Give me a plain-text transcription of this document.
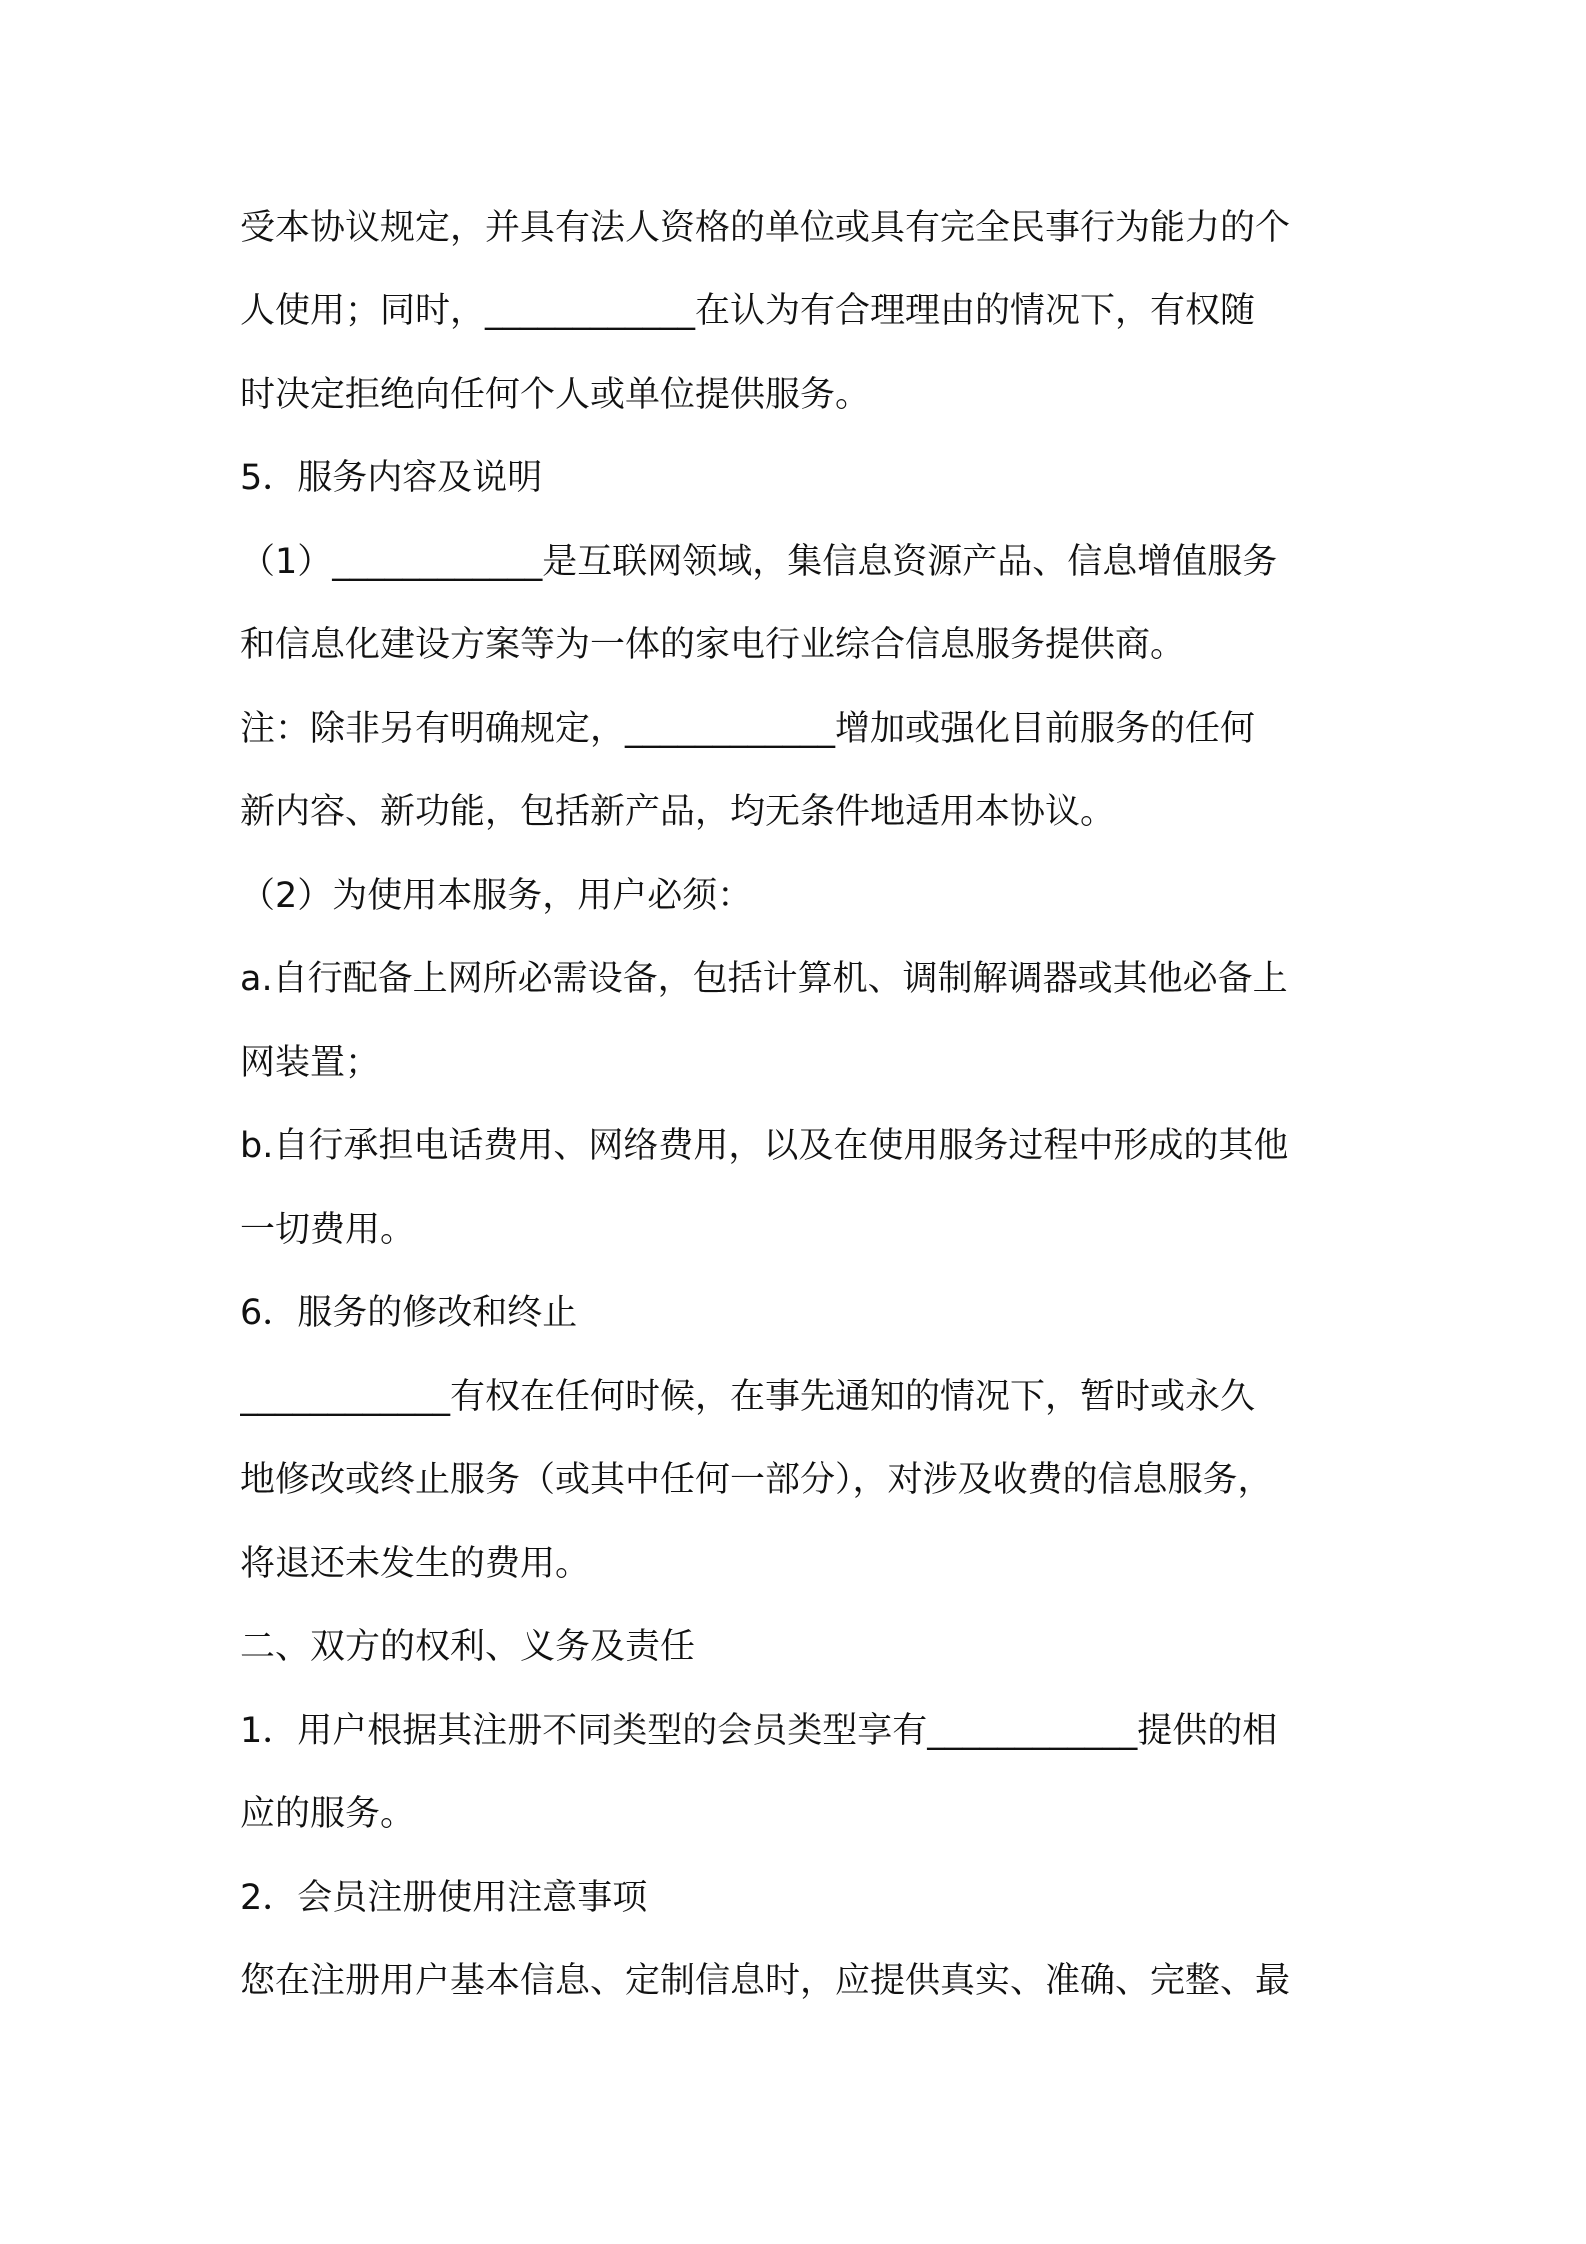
受本协议规定，并具有法人资格的单位或具有完全民事行为能力的个
人使用；同时，____________在认为有合理理由的情况下，有权随
时决定拒绝向任何个人或单位提供服务。
5．服务内容及说明
（1）____________是互联网领域，集信息资源产品、信息增值服务
和信息化建设方案等为一体的家电行业综合信息服务提供商。
注：除非另有明确规定，____________增加或强化目前服务的任何
新内容、新功能，包括新产品，均无条件地适用本协议。
（2）为使用本服务，用户必须：
a.自行配备上网所必需设备，包括计算机、调制解调器或其他必备上
网装置；
b.自行承担电话费用、网络费用，以及在使用服务过程中形成的其他
一切费用。
6．服务的修改和终止
____________有权在任何时候，在事先通知的情况下，暂时或永久
地修改或终止服务（或其中任何一部分），对涉及收费的信息服务，
将退还未发生的费用。
二、双方的权利、义务及责任
1．用户根据其注册不同类型的会员类型享有____________提供的相
应的服务。
2．会员注册使用注意事项
您在注册用户基本信息、定制信息时，应提供真实、准确、完整、最
